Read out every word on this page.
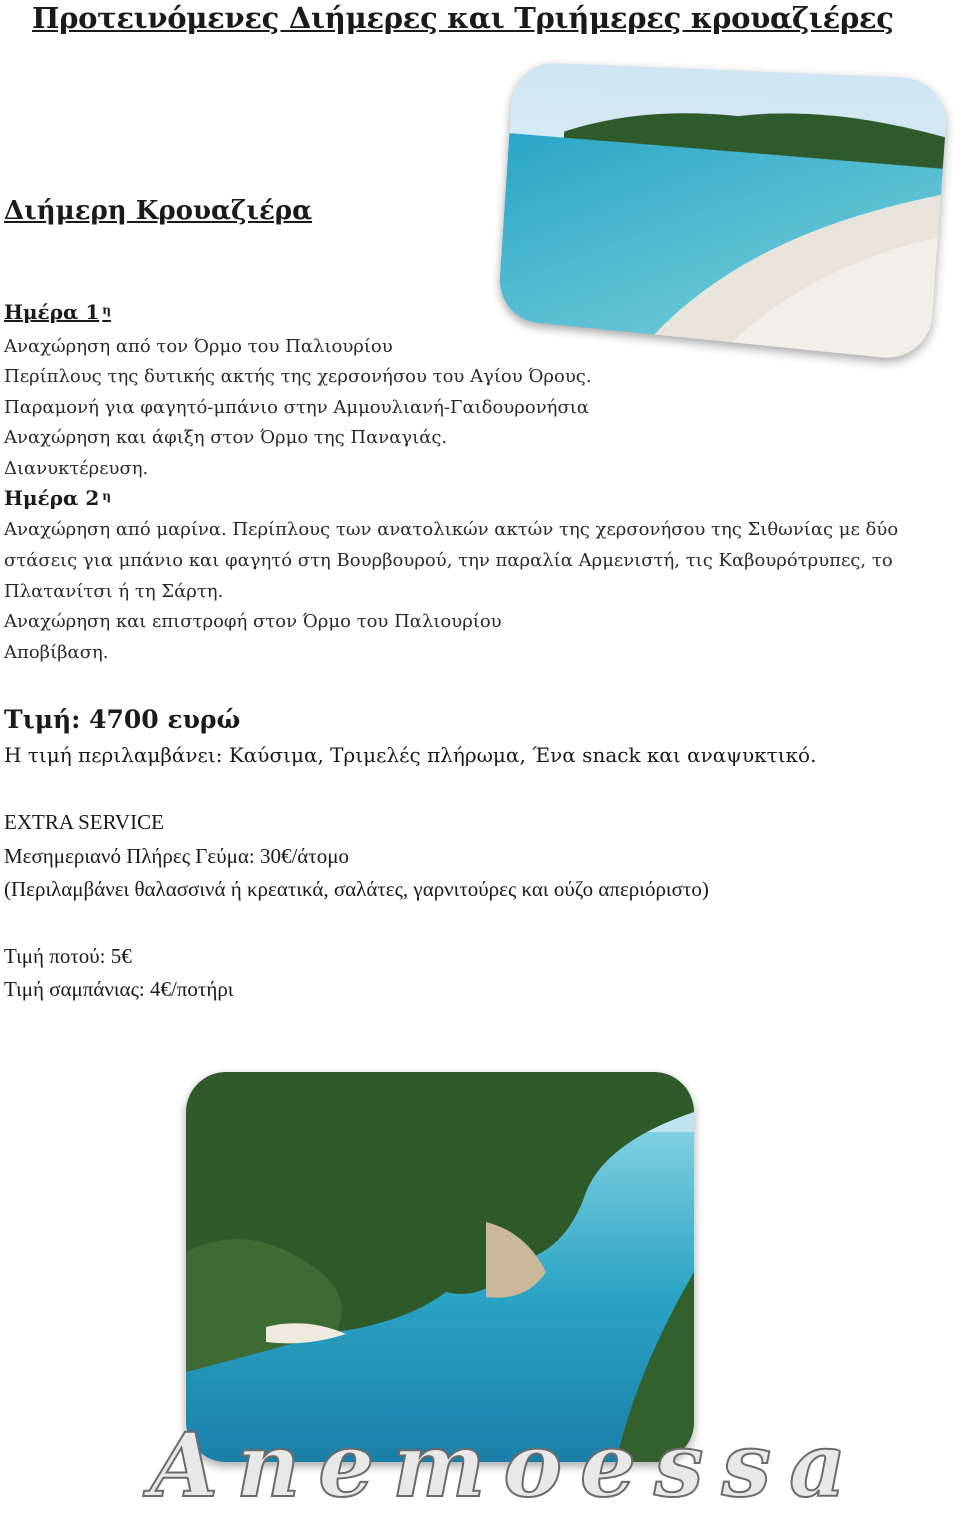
Προτεινόμενες Διήμερες και Τριήμερες κρουαζιέρες
Διήμερη Κρουαζιέρα
Ημέρα 1 $^\eta$
Αναχώρηση από τον Όρμο του Παλιουρίου
Περίπλους της δυτικής ακτής της χερσονήσου του Αγίου Όρους.
Παραμονή για φαγητό-μπάνιο στην Αμμουλιανή-Γαιδουρονήσια
Αναχώρηση και άφιξη στον Όρμο της Παναγιάς.
Διανυκτέρευση.
Ημέρα 2 $^\eta$
Αναχώρηση από μαρίνα. Περίπλους των ανατολικών ακτών της χερσονήσου της Σιθωνίας με δύο στάσεις για μπάνιο και φαγητό στη Βουρβουρού, την παραλία Αρμενιστή, τις Καβουρότρυπες, το Πλατανίτσι ή τη Σάρτη.
Αναχώρηση και επιστροφή στον Όρμο του Παλιουρίου
Αποβίβαση.
Τιμή: 4700 ευρώ
Η τιμή περιλαμβάνει: Καύσιμα, Τριμελές πλήρωμα, Ένα snack και αναψυκτικό.
EXTRA SERVICE
Μεσημεριανό Πλήρες Γεύμα: 30€/άτομο
(Περιλαμβάνει θαλασσινά ή κρεατικά, σαλάτες, γαρνιτούρες και ούζο απεριόριστο)
Τιμή ποτού: 5€
Τιμή σαμπάνιας: 4€/ποτήρι
Anemoessa
